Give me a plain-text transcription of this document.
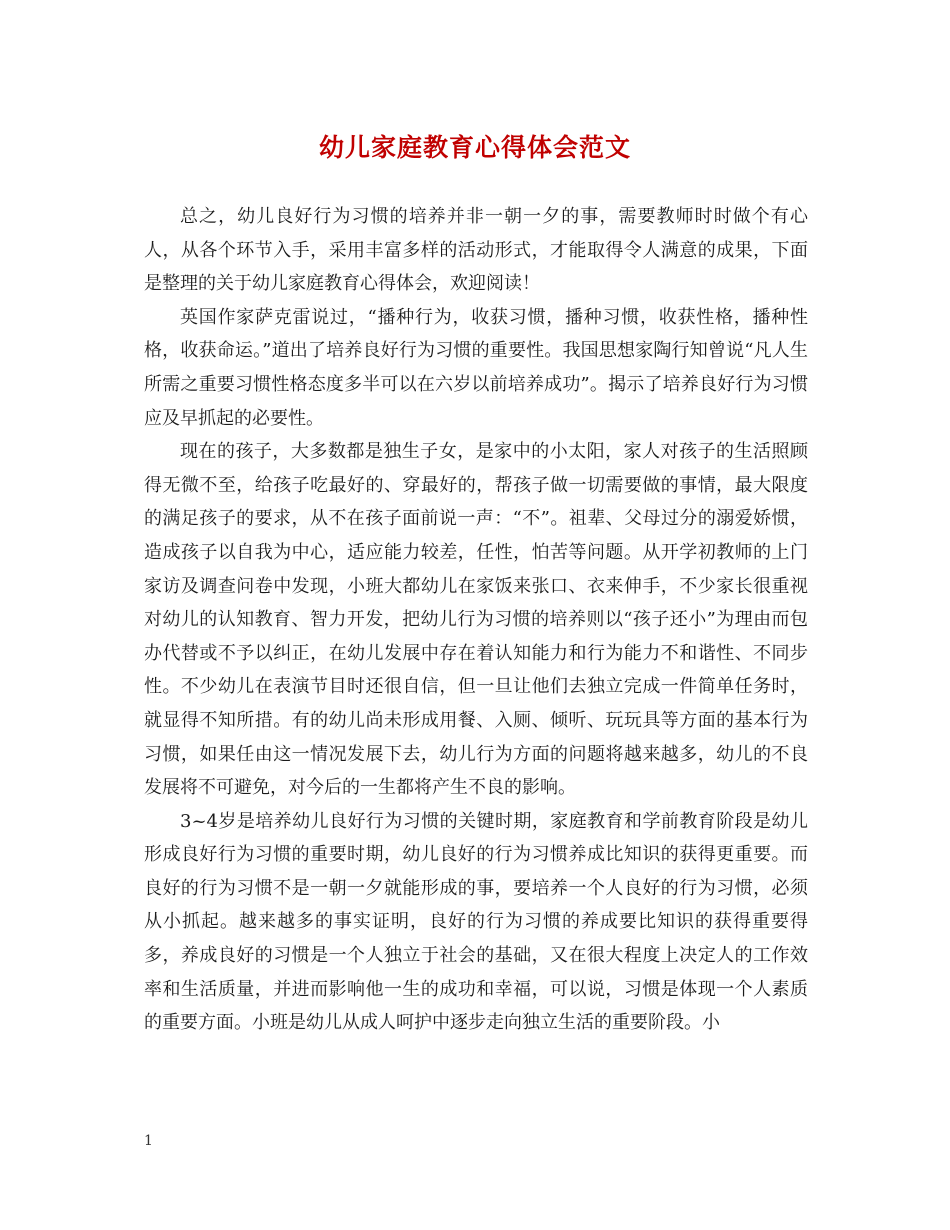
幼儿家庭教育心得体会范文

总之，幼儿良好行为习惯的培养并非一朝一夕的事，需要教师时时做个有心人，从各个环节入手，采用丰富多样的活动形式，才能取得令人满意的成果，下面是整理的关于幼儿家庭教育心得体会，欢迎阅读！

英国作家萨克雷说过，“播种行为，收获习惯，播种习惯，收获性格，播种性格，收获命运。”道出了培养良好行为习惯的重要性。我国思想家陶行知曾说“凡人生所需之重要习惯性格态度多半可以在六岁以前培养成功”。揭示了培养良好行为习惯应及早抓起的必要性。

现在的孩子，大多数都是独生子女，是家中的小太阳，家人对孩子的生活照顾得无微不至，给孩子吃最好的、穿最好的，帮孩子做一切需要做的事情，最大限度的满足孩子的要求，从不在孩子面前说一声：“不”。祖辈、父母过分的溺爱娇惯，造成孩子以自我为中心，适应能力较差，任性，怕苦等问题。从开学初教师的上门家访及调查问卷中发现，小班大都幼儿在家饭来张口、衣来伸手，不少家长很重视对幼儿的认知教育、智力开发，把幼儿行为习惯的培养则以“孩子还小”为理由而包办代替或不予以纠正，在幼儿发展中存在着认知能力和行为能力不和谐性、不同步性。不少幼儿在表演节目时还很自信，但一旦让他们去独立完成一件简单任务时，就显得不知所措。有的幼儿尚未形成用餐、入厕、倾听、玩玩具等方面的基本行为习惯，如果任由这一情况发展下去，幼儿行为方面的问题将越来越多，幼儿的不良发展将不可避免，对今后的一生都将产生不良的影响。

3~4岁是培养幼儿良好行为习惯的关键时期，家庭教育和学前教育阶段是幼儿形成良好行为习惯的重要时期，幼儿良好的行为习惯养成比知识的获得更重要。而良好的行为习惯不是一朝一夕就能形成的事，要培养一个人良好的行为习惯，必须从小抓起。越来越多的事实证明，良好的行为习惯的养成要比知识的获得重要得多，养成良好的习惯是一个人独立于社会的基础，又在很大程度上决定人的工作效率和生活质量，并进而影响他一生的成功和幸福，可以说，习惯是体现一个人素质的重要方面。小班是幼儿从成人呵护中逐步走向独立生活的重要阶段。小

1
